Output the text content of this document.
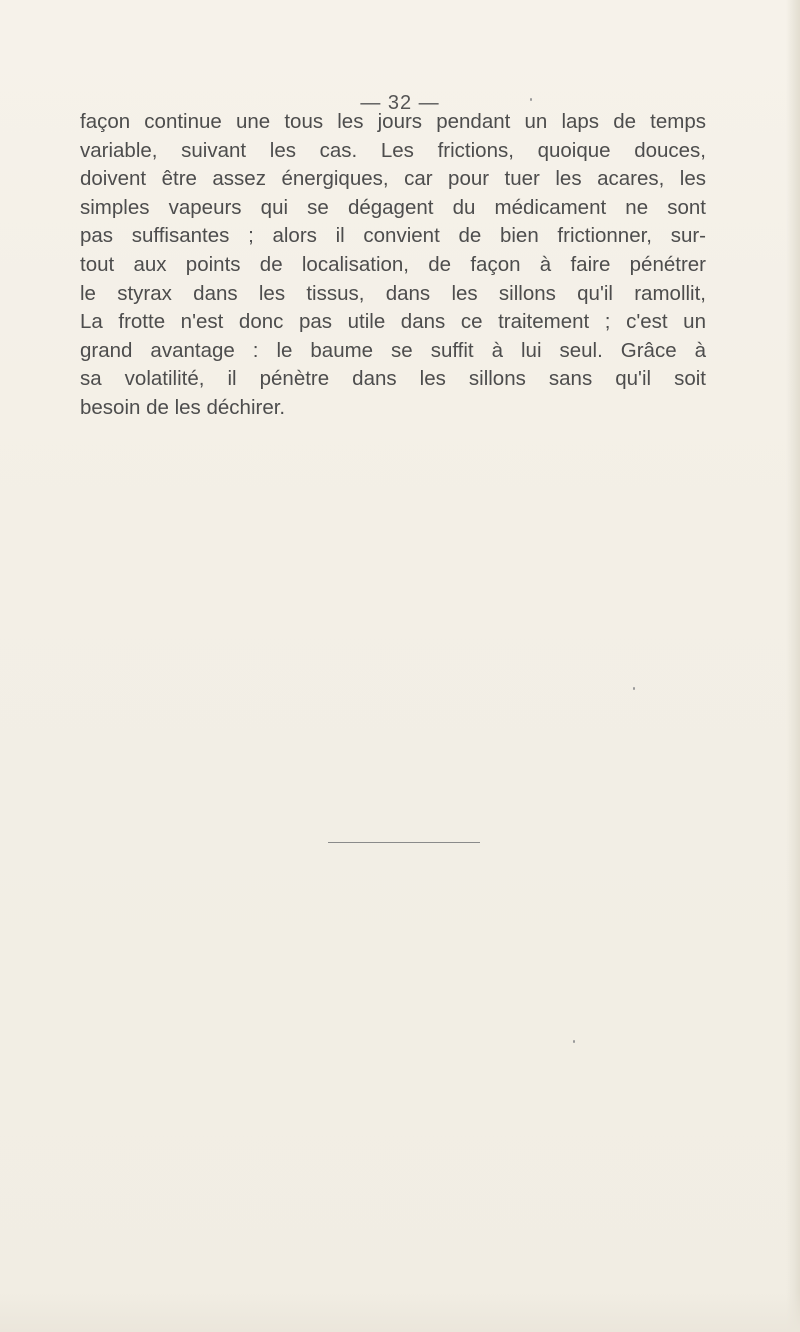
— 32 —
façon continue une tous les jours pendant un laps de temps
variable, suivant les cas. Les frictions, quoique douces,
doivent être assez énergiques, car pour tuer les acares, les
simples vapeurs qui se dégagent du médicament ne sont
pas suffisantes ; alors il convient de bien frictionner, sur-
tout aux points de localisation, de façon à faire pénétrer
le styrax dans les tissus, dans les sillons qu'il ramollit,
La frotte n'est donc pas utile dans ce traitement ; c'est un
grand avantage : le baume se suffit à lui seul. Grâce à
sa volatilité, il pénètre dans les sillons sans qu'il soit
besoin de les déchirer.
